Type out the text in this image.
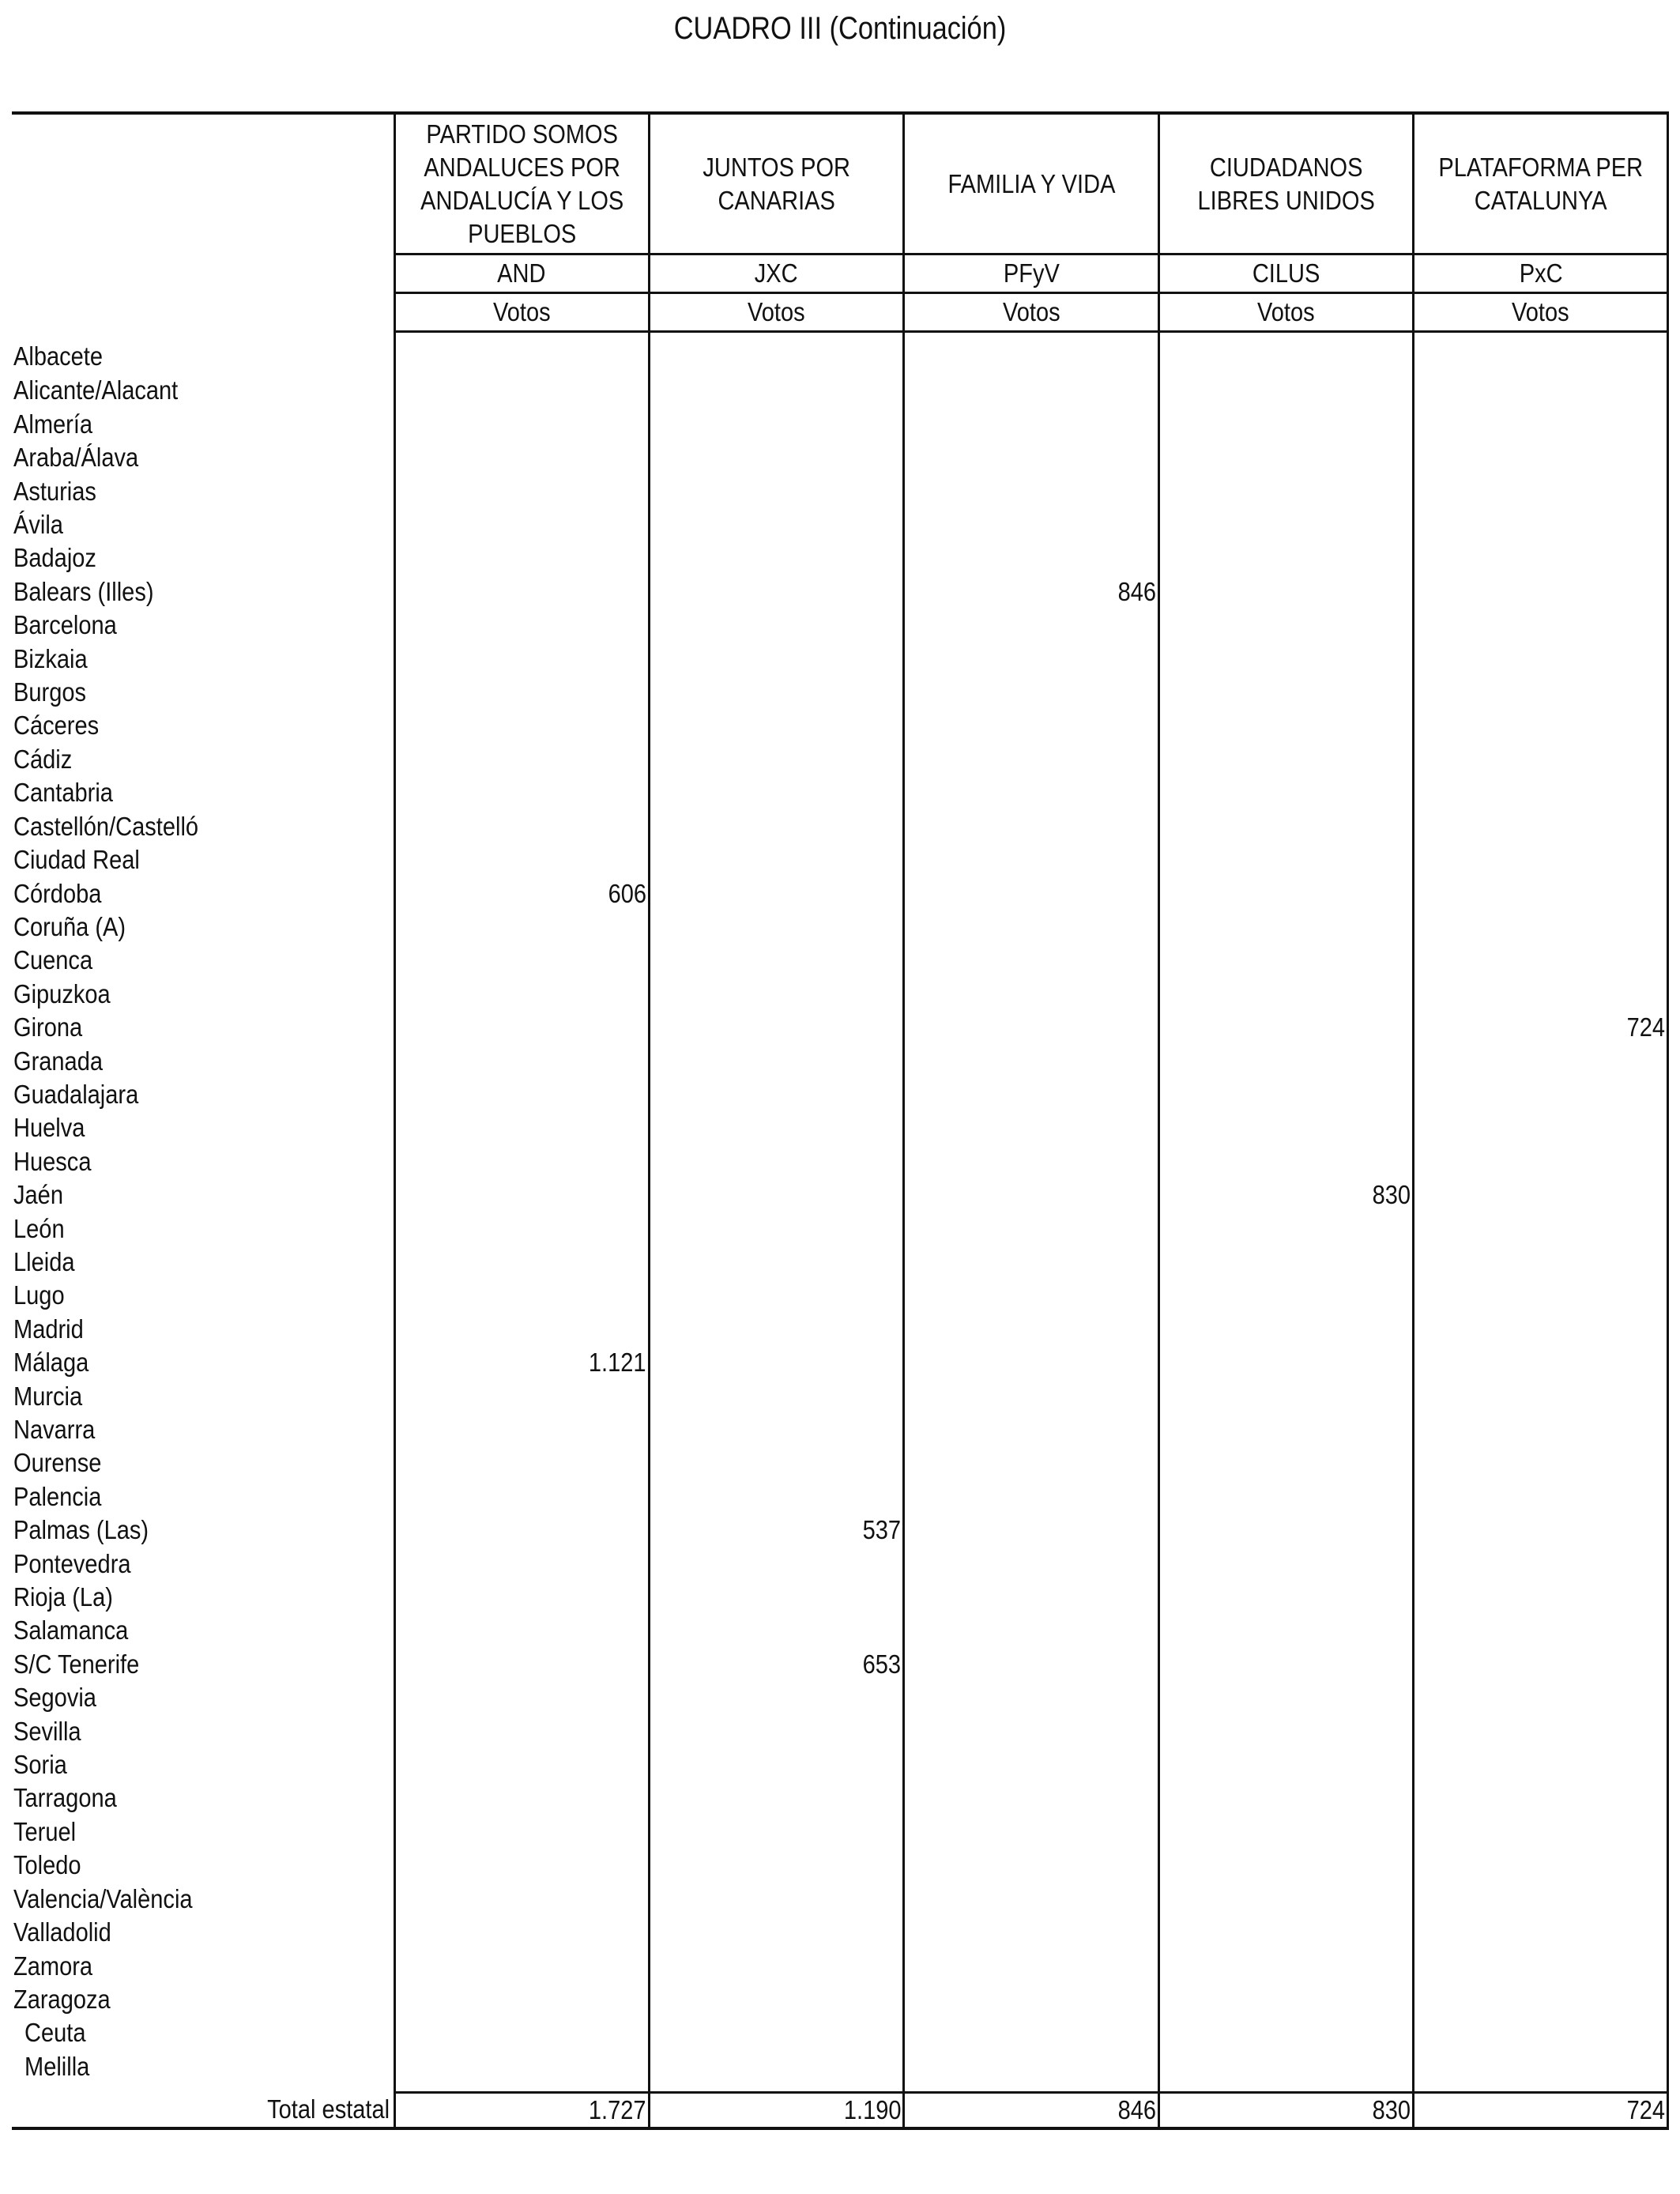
CUADRO III (Continuación)
	PARTIDO SOMOS ANDALUCES POR ANDALUCÍA Y LOS PUEBLOS	JUNTOS POR CANARIAS	FAMILIA Y VIDA	CIUDADANOS LIBRES UNIDOS	PLATAFORMA PER CATALUNYA
	AND	JXC	PFyV	CILUS	PxC
	Votos	Votos	Votos	Votos	Votos
Albacete					
Alicante/Alacant					
Almería					
Araba/Álava					
Asturias					
Ávila					
Badajoz					
Balears (Illes)			846		
Barcelona					
Bizkaia					
Burgos					
Cáceres					
Cádiz					
Cantabria					
Castellón/Castelló					
Ciudad Real					
Córdoba	606				
Coruña (A)					
Cuenca					
Gipuzkoa					
Girona					724
Granada					
Guadalajara					
Huelva					
Huesca					
Jaén				830	
León					
Lleida					
Lugo					
Madrid					
Málaga	1.121				
Murcia					
Navarra					
Ourense					
Palencia					
Palmas (Las)		537			
Pontevedra					
Rioja (La)					
Salamanca					
S/C Tenerife		653			
Segovia					
Sevilla					
Soria					
Tarragona					
Teruel					
Toledo					
Valencia/València					
Valladolid					
Zamora					
Zaragoza					
Ceuta					
Melilla					
Total estatal	1.727	1.190	846	830	724
